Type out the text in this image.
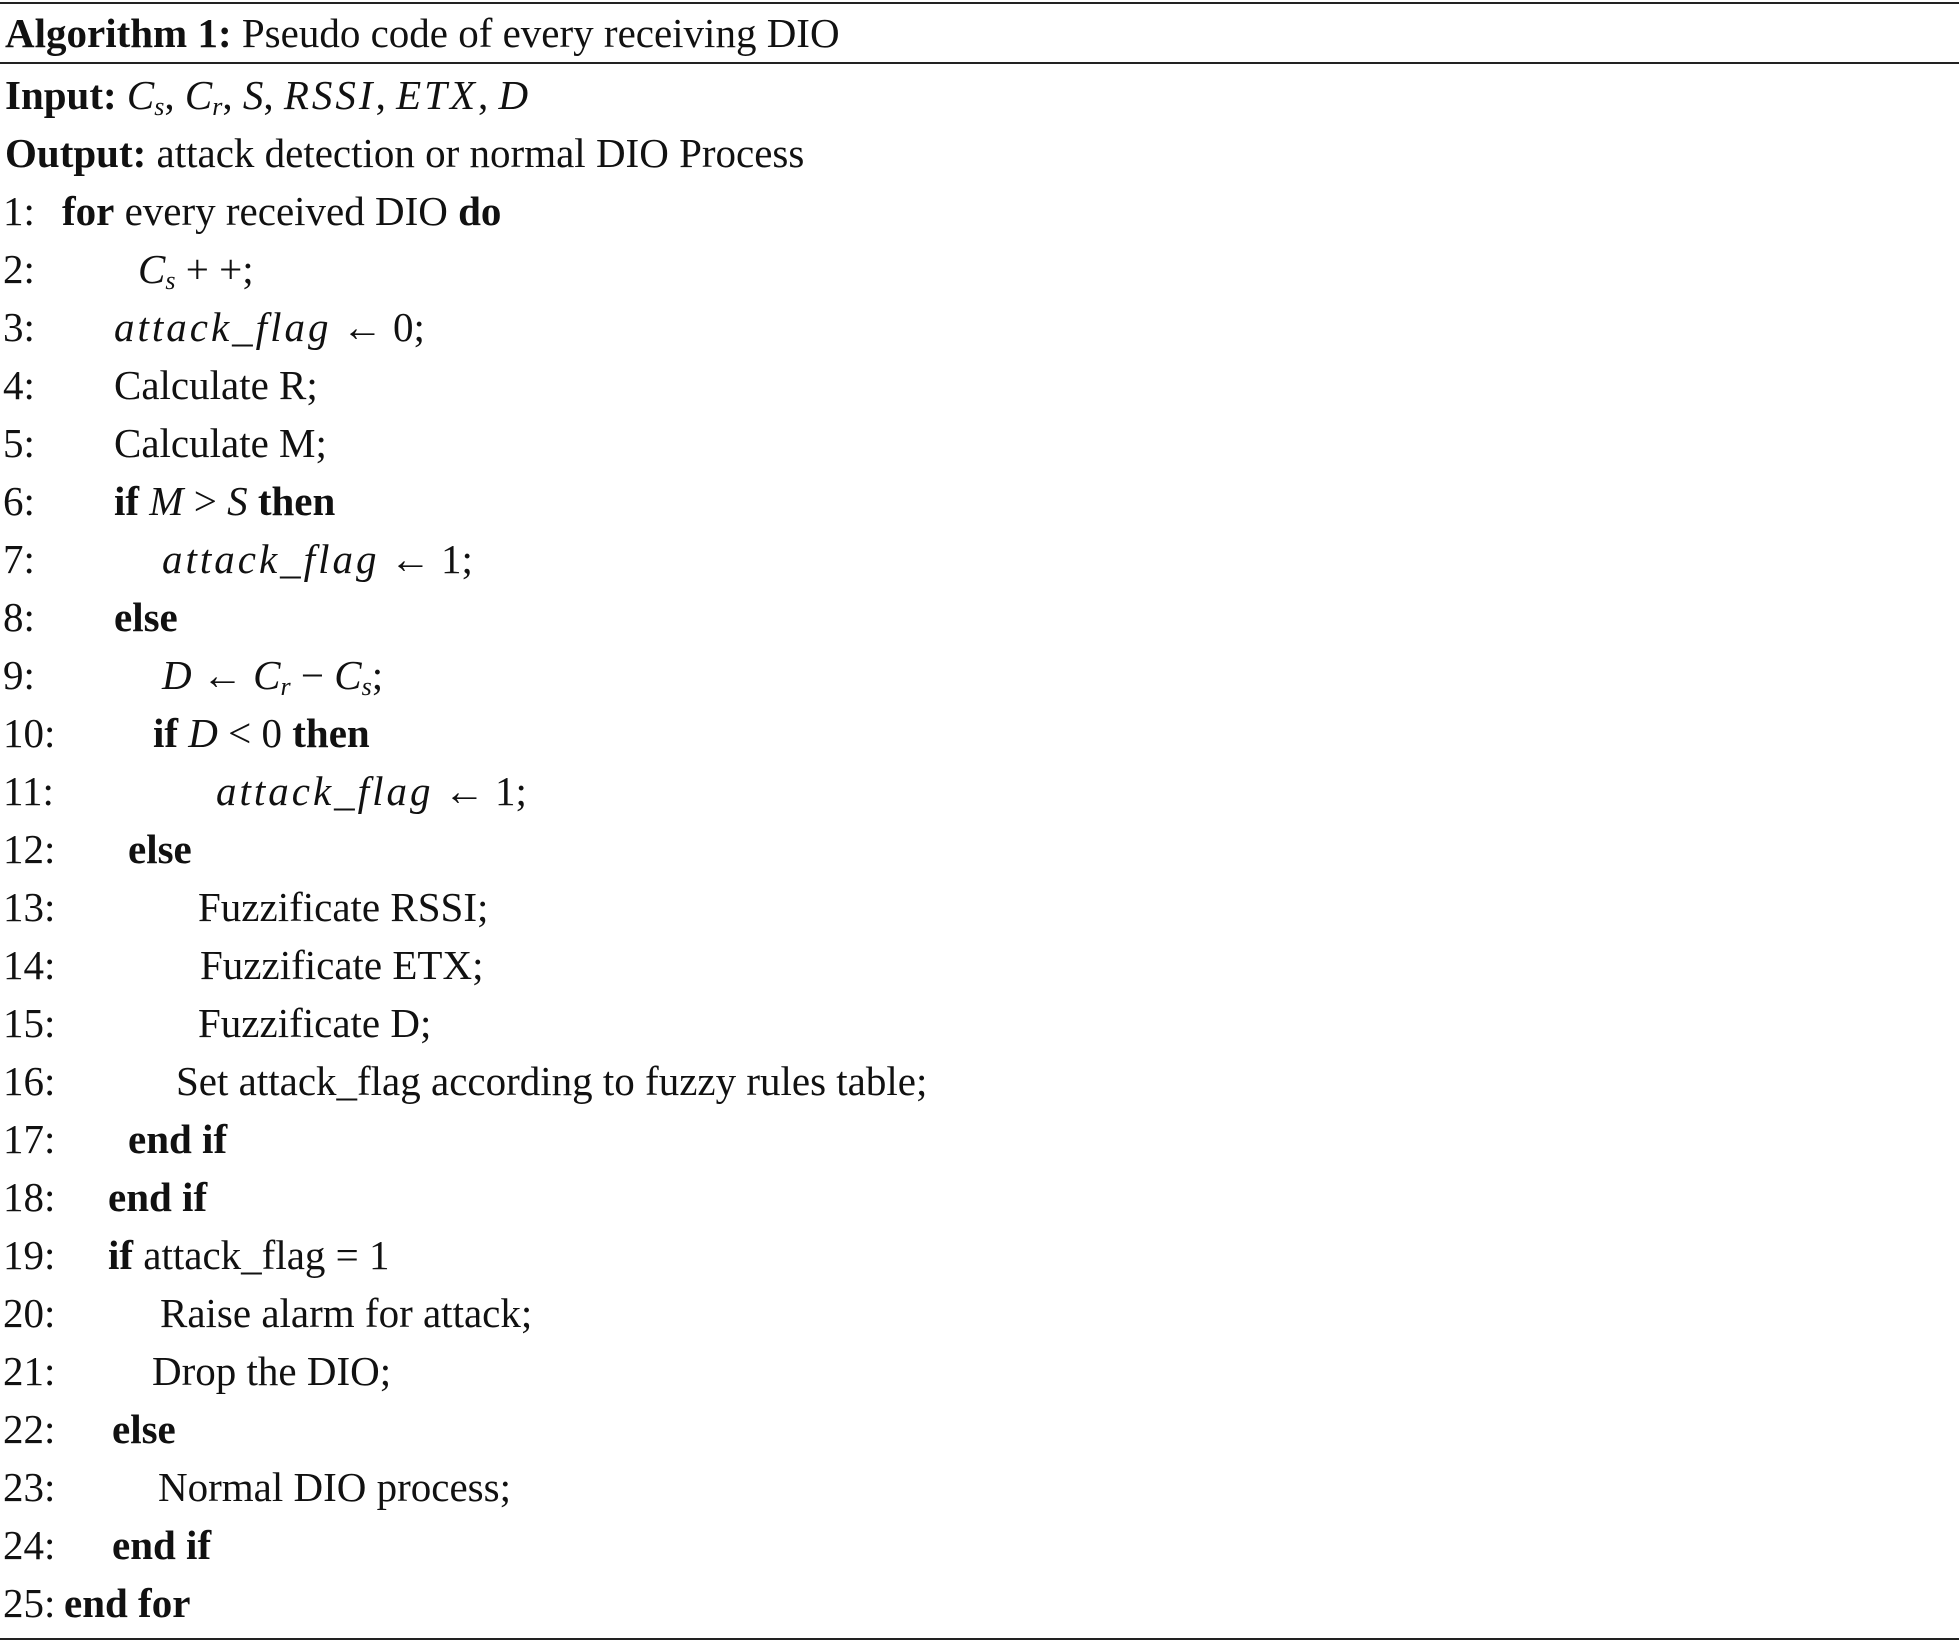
Algorithm 1: Pseudo code of every receiving DIO
Input: $C_s$, $C_r$, S, RSSI, ETX, D
Output: attack detection or normal DIO Process
1: for every received DIO do
2:	$C_s$ + +;
3: attack_flag ← 0;
4: Calculate R;
5: Calculate M;
6: if M > S then
7:	attack_flag ← 1;
8: else
9:	D ← $C_r - C_s$;
10: if D < 0 then
11:	attack_flag ← 1;
12: else
13:	Fuzzificate RSSI;
14:	Fuzzificate ETX;
15:	Fuzzificate D;
16:	Set attack_flag according to fuzzy rules table;
17: end if
18: end if
19: if attack_flag = 1
20:	Raise alarm for attack;
21: Drop the DIO;
22: else
23:	Normal DIO process;
24: end if
25: end for
